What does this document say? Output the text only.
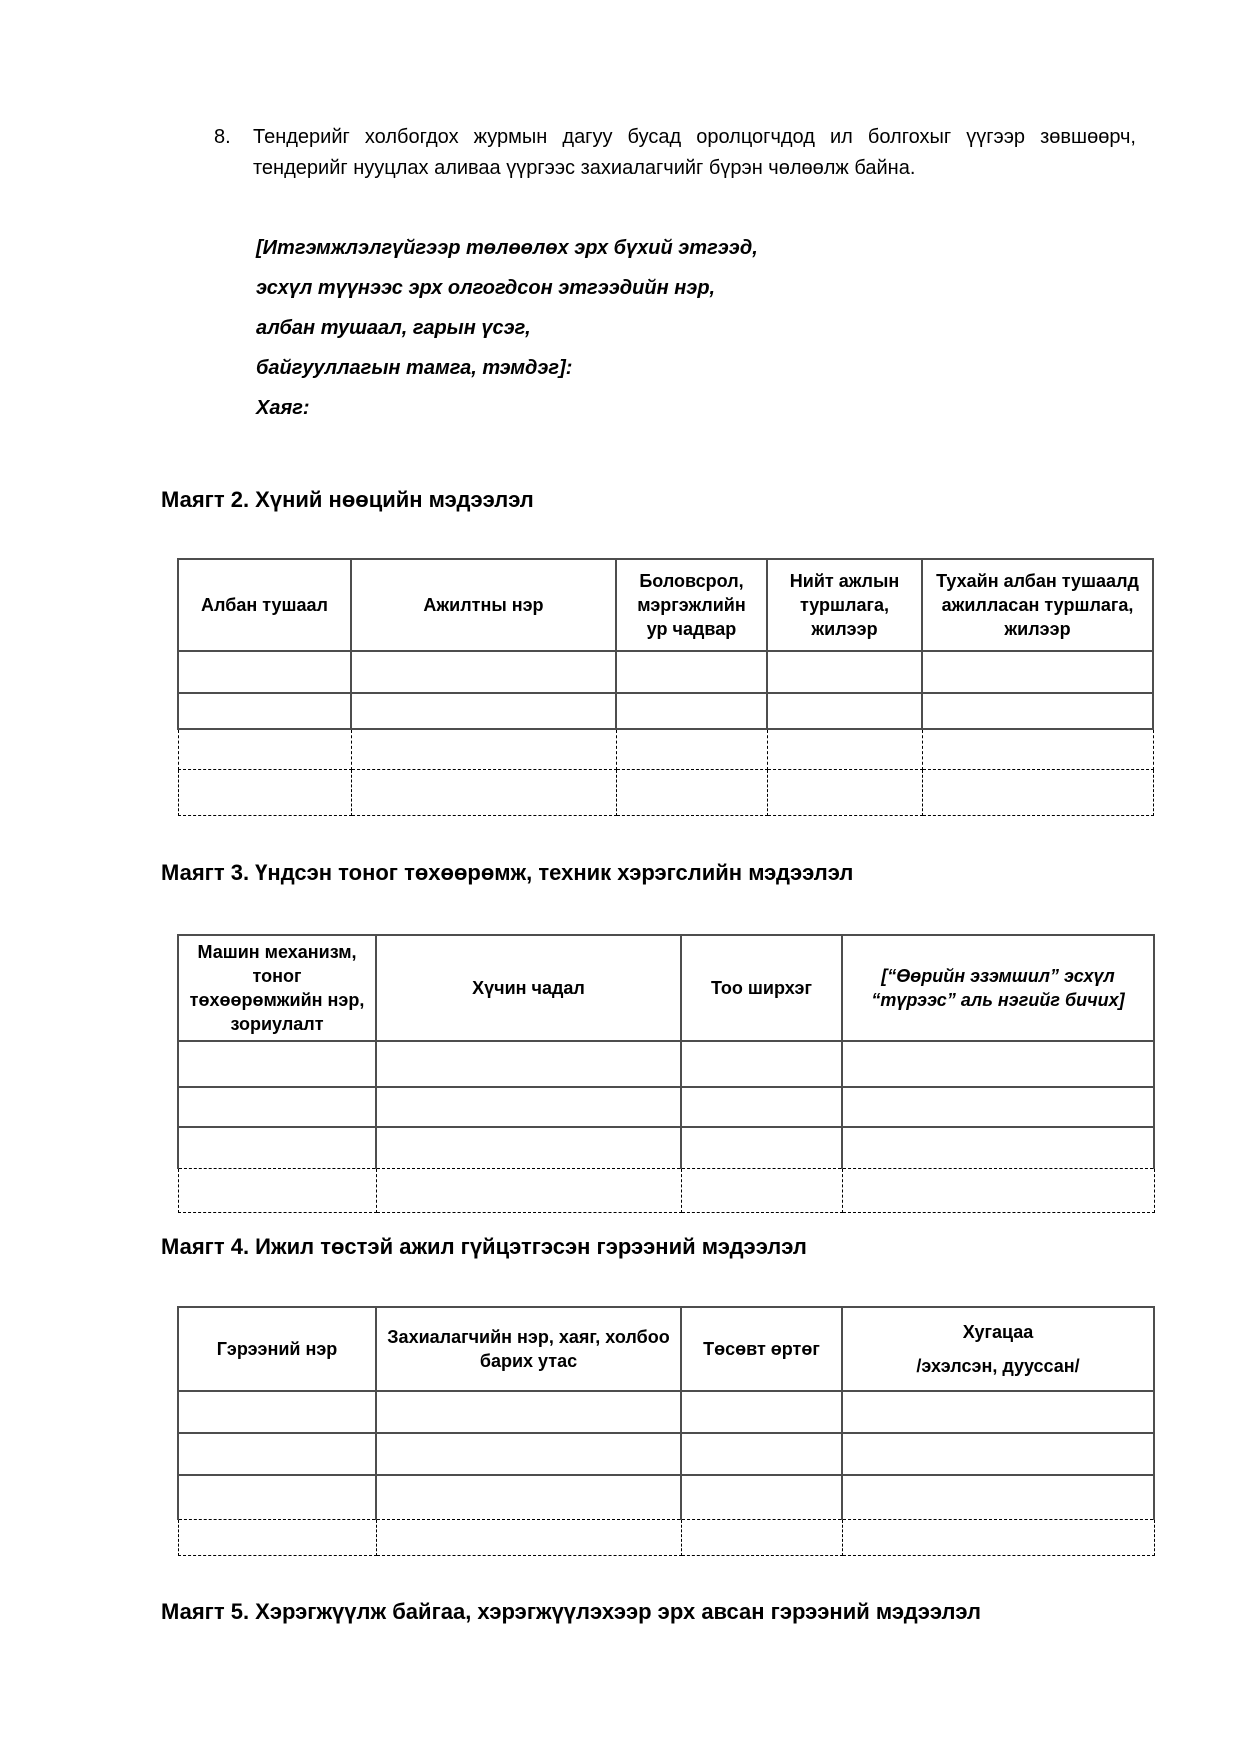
8.	Тендерийг холбогдох журмын дагуу бусад оролцогчдод ил болгохыг үүгээр зөвшөөрч, тендерийг нууцлах аливаа үүргээс захиалагчийг бүрэн чөлөөлж байна.
[Итгэмжлэлгүйгээр төлөөлөх эрх бүхий этгээд,
эсхүл түүнээс эрх олгогдсон этгээдийн нэр,
албан тушаал, гарын үсэг,
байгууллагын тамга, тэмдэг]:
Хаяг:
Маягт 2. Хүний нөөцийн мэдээлэл
Албан тушаал	Ажилтны нэр	Боловсрол, мэргэжлийн ур чадвар	Нийт ажлын туршлага, жилээр	Тухайн албан тушаалд ажилласан туршлага, жилээр

Маягт 3. Үндсэн тоног төхөөрөмж, техник хэрэгслийн мэдээлэл
Машин механизм, тоног төхөөрөмжийн нэр, зориулалт	Хүчин чадал	Тоо ширхэг	[“Өөрийн эзэмшил” эсхүл “түрээс” аль нэгийг бичих]

Маягт 4. Ижил төстэй ажил гүйцэтгэсэн гэрээний мэдээлэл
Гэрээний нэр	Захиалагчийн нэр, хаяг, холбоо барих утас	Төсөвт өртөг	Хугацаа
/эхэлсэн, дууссан/

Маягт 5. Хэрэгжүүлж байгаа, хэрэгжүүлэхээр эрх авсан гэрээний мэдээлэл
